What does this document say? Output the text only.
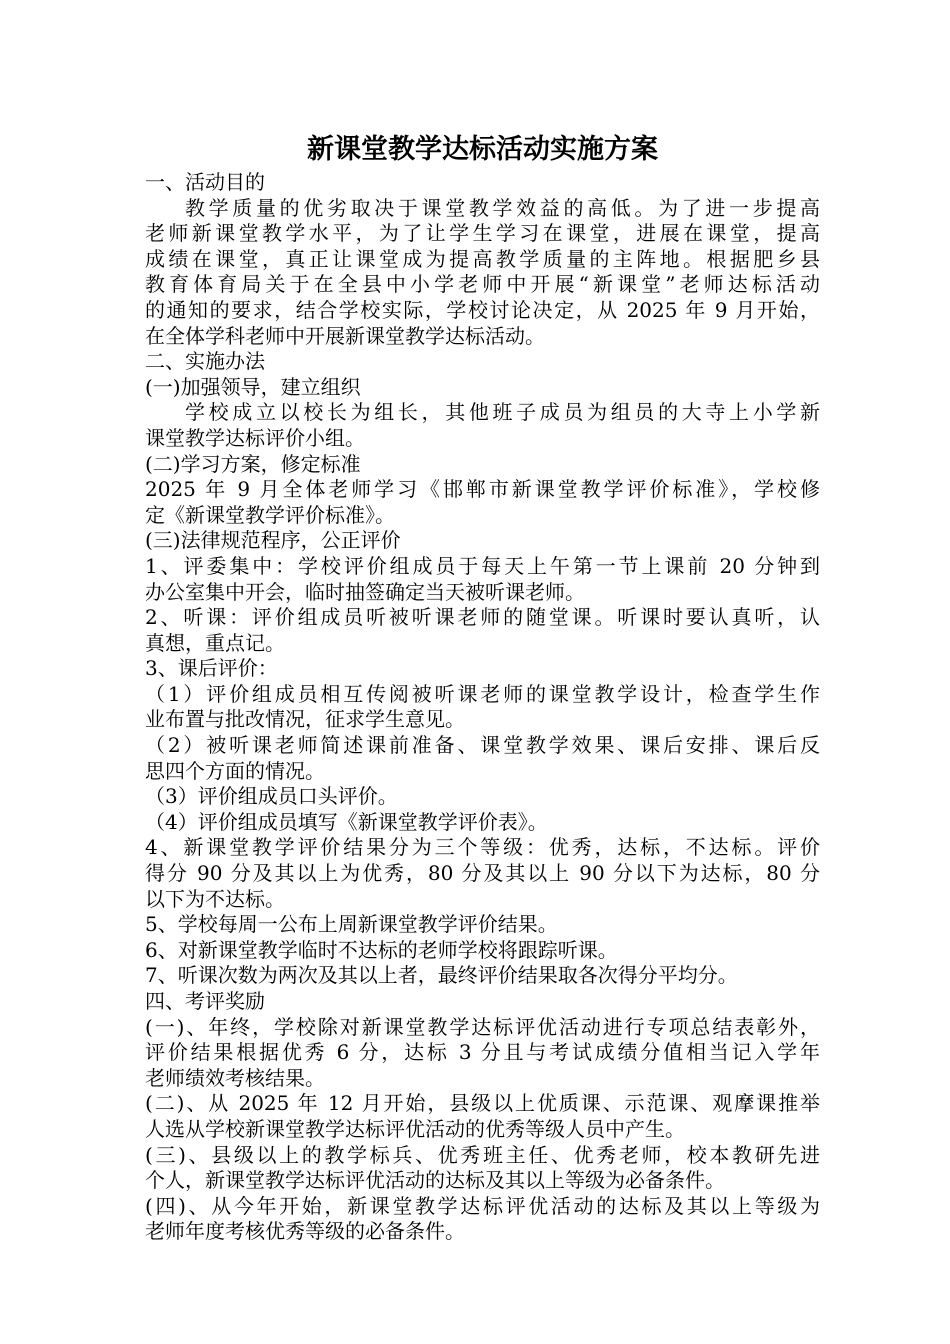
新课堂教学达标活动实施方案

一、活动目的

教学质量的优劣取决于课堂教学效益的高低。为了进一步提高

老师新课堂教学水平，为了让学生学习在课堂，进展在课堂，提高

成绩在课堂，真正让课堂成为提高教学质量的主阵地。根据肥乡县

教育体育局关于在全县中小学老师中开展“新课堂”老师达标活动

的通知的要求，结合学校实际，学校讨论决定，从 2025 年 9 月开始，

在全体学科老师中开展新课堂教学达标活动。

二、实施办法

(一)加强领导，建立组织

学校成立以校长为组长，其他班子成员为组员的大寺上小学新

课堂教学达标评价小组。

(二)学习方案，修定标准

2025 年 9 月全体老师学习《邯郸市新课堂教学评价标准》，学校修

定《新课堂教学评价标准》。

(三)法律规范程序，公正评价

1、评委集中：学校评价组成员于每天上午第一节上课前 20 分钟到

办公室集中开会，临时抽签确定当天被听课老师。

2、听课：评价组成员听被听课老师的随堂课。听课时要认真听，认

真想，重点记。

3、课后评价：

（1）评价组成员相互传阅被听课老师的课堂教学设计，检查学生作

业布置与批改情况，征求学生意见。

（2）被听课老师简述课前准备、课堂教学效果、课后安排、课后反

思四个方面的情况。

（3）评价组成员口头评价。

（4）评价组成员填写《新课堂教学评价表》。

4、新课堂教学评价结果分为三个等级：优秀，达标，不达标。评价

得分 90 分及其以上为优秀，80 分及其以上 90 分以下为达标，80 分

以下为不达标。

5、学校每周一公布上周新课堂教学评价结果。

6、对新课堂教学临时不达标的老师学校将跟踪听课。

7、听课次数为两次及其以上者，最终评价结果取各次得分平均分。

四、考评奖励

(一)、年终，学校除对新课堂教学达标评优活动进行专项总结表彰外，

评价结果根据优秀 6 分，达标 3 分且与考试成绩分值相当记入学年

老师绩效考核结果。

(二)、从 2025 年 12 月开始，县级以上优质课、示范课、观摩课推举

人选从学校新课堂教学达标评优活动的优秀等级人员中产生。

(三)、县级以上的教学标兵、优秀班主任、优秀老师，校本教研先进

个人，新课堂教学达标评优活动的达标及其以上等级为必备条件。

(四)、从今年开始，新课堂教学达标评优活动的达标及其以上等级为

老师年度考核优秀等级的必备条件。
